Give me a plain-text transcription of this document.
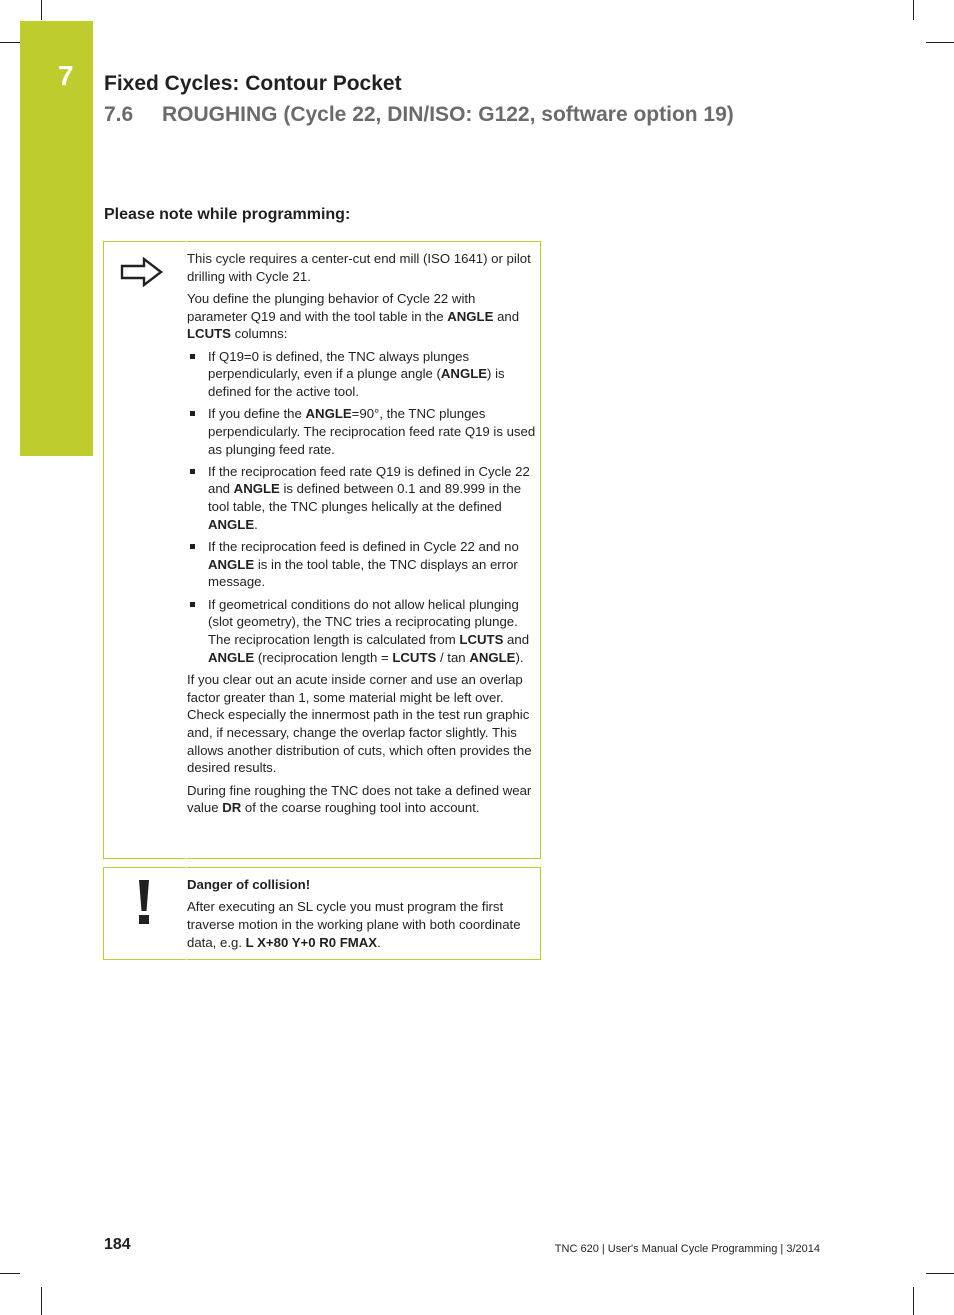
7 Fixed Cycles: Contour Pocket
7.6 ROUGHING (Cycle 22, DIN/ISO: G122, software option 19)
Please note while programming:

This cycle requires a center-cut end mill (ISO 1641) or pilot drilling with Cycle 21.

You define the plunging behavior of Cycle 22 with parameter Q19 and with the tool table in the ANGLE and LCUTS columns:

If Q19=0 is defined, the TNC always plunges perpendicularly, even if a plunge angle (ANGLE) is defined for the active tool.
If you define the ANGLE=90°, the TNC plunges perpendicularly. The reciprocation feed rate Q19 is used as plunging feed rate.
If the reciprocation feed rate Q19 is defined in Cycle 22 and ANGLE is defined between 0.1 and 89.999 in the tool table, the TNC plunges helically at the defined ANGLE.
If the reciprocation feed is defined in Cycle 22 and no ANGLE is in the tool table, the TNC displays an error message.
If geometrical conditions do not allow helical plunging (slot geometry), the TNC tries a reciprocating plunge. The reciprocation length is calculated from LCUTS and ANGLE (reciprocation length = LCUTS / tan ANGLE).

If you clear out an acute inside corner and use an overlap factor greater than 1, some material might be left over. Check especially the innermost path in the test run graphic and, if necessary, change the overlap factor slightly. This allows another distribution of cuts, which often provides the desired results.

During fine roughing the TNC does not take a defined wear value DR of the coarse roughing tool into account.

Danger of collision!

After executing an SL cycle you must program the first traverse motion in the working plane with both coordinate data, e.g. L X+80 Y+0 R0 FMAX.

184	TNC 620 | User's Manual Cycle Programming | 3/2014
